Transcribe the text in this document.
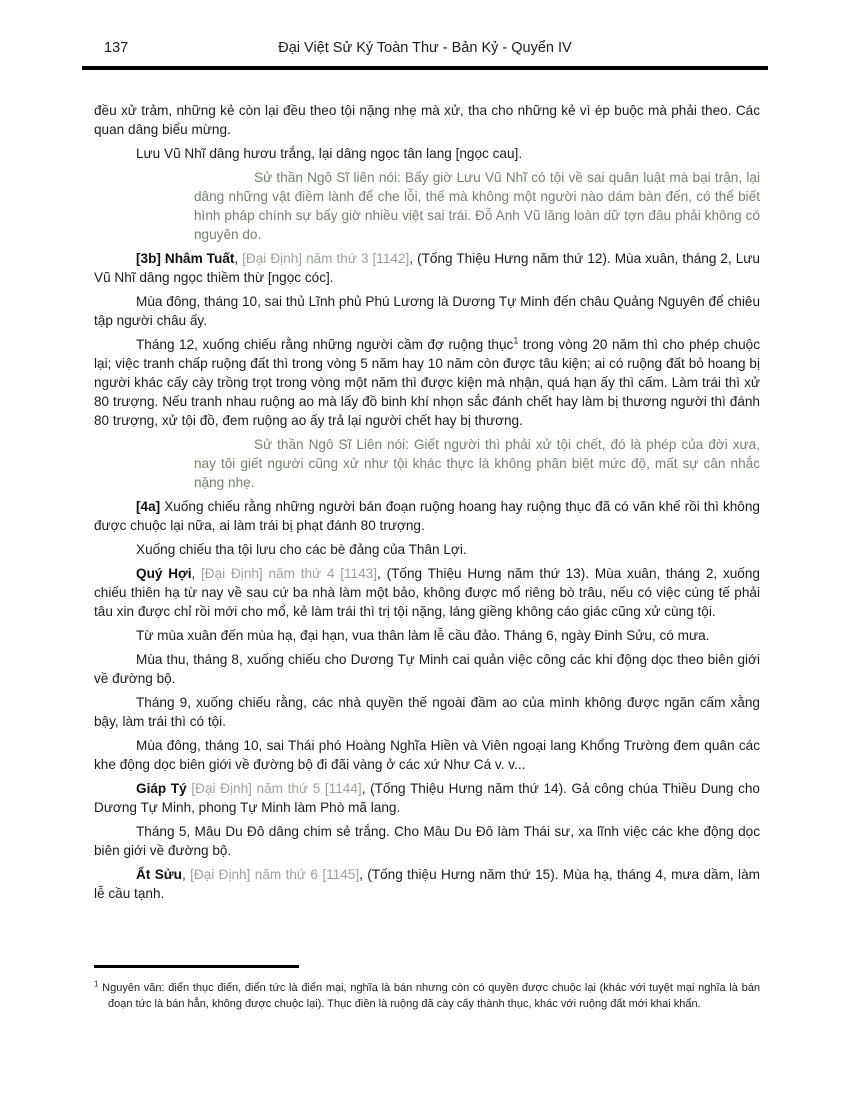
137	Đại Việt Sử Ký Toàn Thư - Bản Kỷ - Quyển IV

đều xử trảm, những kẻ còn lại đều theo tội nặng nhẹ mà xử, tha cho những kẻ vì ép buộc mà phải theo. Các quan dâng biểu mừng.

Lưu Vũ Nhĩ dâng hươu trắng, lại dâng ngọc tân lang [ngọc cau].

Sử thần Ngô Sĩ liên nói: Bấy giờ Lưu Vũ Nhĩ có tội về sai quân luật mà bại trận, lại dâng những vật điềm lành để che lỗi, thế mà không một người nào dám bàn đến, có thể biết hình pháp chính sự bấy giờ nhiều việt sai trái. Đỗ Anh Vũ lăng loàn dữ tợn đâu phải không có nguyên do.

[3b] Nhâm Tuất, [Đại Định] năm thứ 3 [1142], (Tống Thiệu Hưng năm thứ 12). Mùa xuân, tháng 2, Lưu Vũ Nhĩ dâng ngọc thiềm thừ [ngọc cóc].

Mùa đông, tháng 10, sai thủ Lĩnh phủ Phú Lương là Dương Tự Minh đến châu Quảng Nguyên để chiêu tập người châu ấy.

Tháng 12, xuống chiếu rằng những người cầm đợ ruộng thục$^1$ trong vòng 20 năm thì cho phép chuộc lại; việc tranh chấp ruộng đất thì trong vòng 5 năm hay 10 năm còn được tâu kiện; ai có ruộng đất bỏ hoang bị người khác cấy cày trồng trọt trong vòng một năm thì được kiện mà nhận, quá hạn ấy thì cấm. Làm trái thì xử 80 trượng. Nếu tranh nhau ruộng ao mà lấy đồ binh khí nhọn sắc đánh chết hay làm bị thương người thì đánh 80 trượng, xử tội đồ, đem ruộng ao ấy trả lại người chết hay bị thương.

Sử thần Ngô Sĩ Liên nói: Giết người thì phải xử tội chết, đó là phép của đời xưa, nay tôi giết người cũng xử như tội khác thực là không phân biệt mức độ, mất sự cân nhắc nặng nhẹ.

[4a] Xuống chiếu rằng những người bán đoạn ruộng hoang hay ruộng thục đã có văn khế rồi thì không được chuộc lại nữa, ai làm trái bị phạt đánh 80 trượng.

Xuống chiếu tha tội lưu cho các bè đảng của Thân Lợi.

Quý Hợi, [Đại Định] năm thứ 4 [1143], (Tống Thiệu Hưng năm thứ 13). Mùa xuân, tháng 2, xuống chiếu thiên hạ từ nay về sau cứ ba nhà làm một bảo, không được mổ riêng bò trâu, nếu có việc cúng tế phải tâu xin được chỉ rồi mới cho mổ, kẻ làm trái thì trị tội nặng, láng giềng không cáo giác cũng xử cùng tội.

Từ mùa xuân đến mùa hạ, đại hạn, vua thân làm lễ cầu đảo. Tháng 6, ngày Đinh Sửu, có mưa.

Mùa thu, tháng 8, xuống chiếu cho Dương Tự Minh cai quản việc công các khi động dọc theo biên giới về đường bộ.

Tháng 9, xuống chiếu rằng, các nhà quyền thế ngoài đầm ao của mình không được ngăn cấm xằng bậy, làm trái thì có tội.

Mùa đông, tháng 10, sai Thái phó Hoàng Nghĩa Hiền và Viên ngoại lang Khổng Trường đem quân các khe động dọc biên giới về đường bộ đi đãi vàng ở các xứ Như Cá v. v...

Giáp Tý [Đại Định] năm thứ 5 [1144], (Tống Thiệu Hưng năm thứ 14). Gả công chúa Thiều Dung cho Dương Tự Minh, phong Tự Minh làm Phò mã lang.

Tháng 5, Mâu Du Đô dâng chim sẻ trắng. Cho Mâu Du Đô làm Thái sư, xa lĩnh việc các khe động dọc biên giới về đường bộ.

Ất Sửu, [Đại Định] năm thứ 6 [1145], (Tống thiệu Hưng năm thứ 15). Mùa hạ, tháng 4, mưa dầm, làm lễ cầu tạnh.

$^1$ Nguyên văn: điển thục điển, điển tức là điển mại, nghĩa là bán nhưng còn có quyền được chuộc lại (khác với tuyệt mại nghĩa là bán đoạn tức là bán hẳn, không được chuộc lại). Thục điền là ruộng đã cày cấy thành thục, khác với ruộng đất mới khai khẩn.
